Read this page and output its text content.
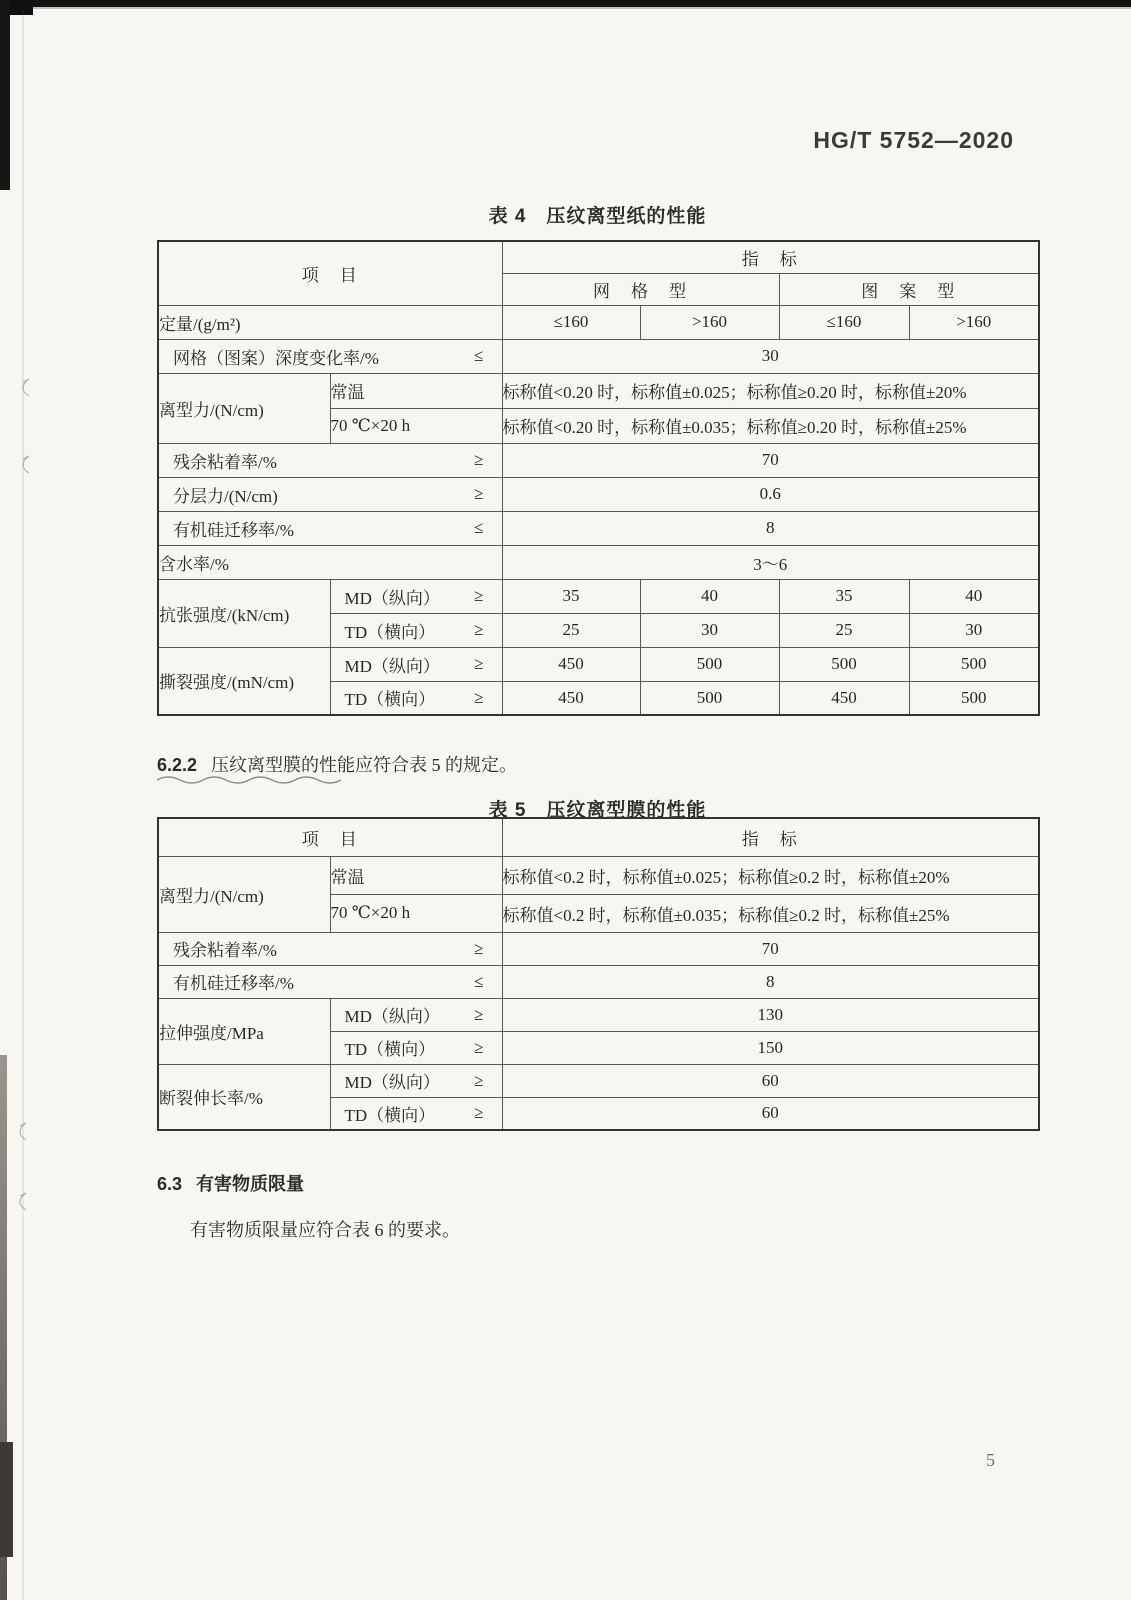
HG/T 5752—2020
表 4　压纹离型纸的性能
项　目		指　标			
		网　格　型		图　案　型	
定量/(g/m²)		≤160	>160	≤160	>160

网格（图案）深度变化率/% ≤		30			
离型力/(N/cm)	常温	标称值<0.20 时，标称值±0.025；标称值≥0.20 时，标称值±20%			
	70 ℃×20 h	标称值<0.20 时，标称值±0.035；标称值≥0.20 时，标称值±25%			

残余粘着率/% ≥		70			

分层力/(N/cm) ≥		0.6			

有机硅迁移率/% ≤		8			
含水率/%		3～6			
抗张强度/(kN/cm)	MD（纵向） ≥	35	40	35	40

	TD（横向） ≥	25	30	25	30
撕裂强度/(mN/cm)	MD（纵向） ≥	450	500	500	500

	TD（横向） ≥	450	500	450	500
6.2.2 压纹离型膜的性能应符合表 5 的规定。
表 5　压纹离型膜的性能
项　目		指　标
离型力/(N/cm)	常温	标称值<0.2 时，标称值±0.025；标称值≥0.2 时，标称值±20%
	70 ℃×20 h	标称值<0.2 时，标称值±0.035；标称值≥0.2 时，标称值±25%

残余粘着率/% ≥		70

有机硅迁移率/% ≤		8
拉伸强度/MPa	MD（纵向） ≥	130

	TD（横向） ≥	150
断裂伸长率/%	MD（纵向） ≥	60

	TD（横向） ≥	60
6.3 有害物质限量
有害物质限量应符合表 6 的要求。
5
